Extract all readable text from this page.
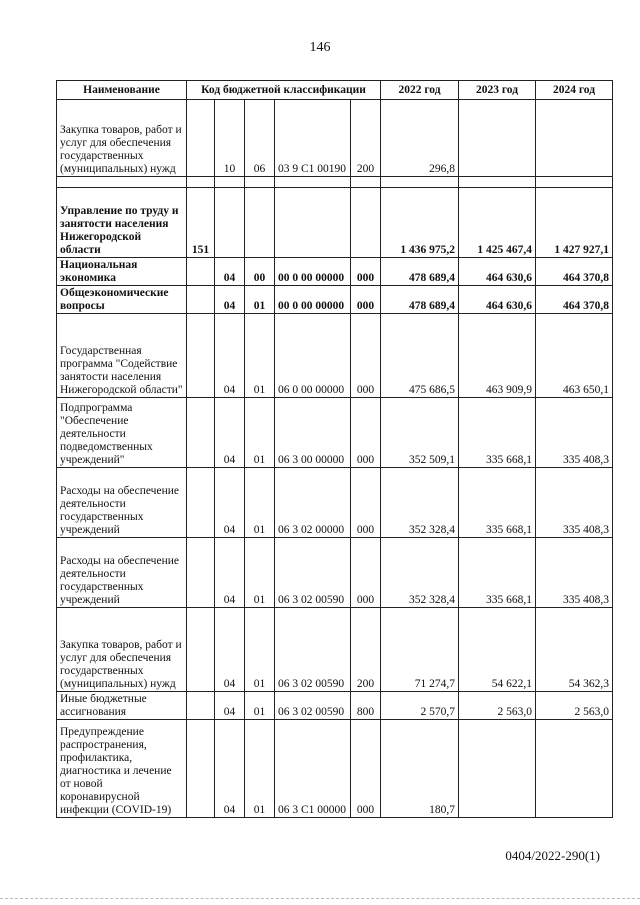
146
Наименование	Код бюджетной классификации					2022 год	2023 год	2024 год
Закупка товаров, работ и услуг для обеспечения государственных (муниципальных) нужд		10	06	03 9 C1 00190	200	296,8		

Управление по труду и занятости населения Нижегородской области	151					1 436 975,2	1 425 467,4	1 427 927,1
Национальная экономика		04	00	00 0 00 00000	000	478 689,4	464 630,6	464 370,8
Общеэкономические вопросы		04	01	00 0 00 00000	000	478 689,4	464 630,6	464 370,8
Государственная программа "Содействие занятости населения Нижегородской области"		04	01	06 0 00 00000	000	475 686,5	463 909,9	463 650,1
Подпрограмма "Обеспечение деятельности подведомственных учреждений"		04	01	06 3 00 00000	000	352 509,1	335 668,1	335 408,3
Расходы на обеспечение деятельности государственных учреждений		04	01	06 3 02 00000	000	352 328,4	335 668,1	335 408,3
Расходы на обеспечение деятельности государственных учреждений		04	01	06 3 02 00590	000	352 328,4	335 668,1	335 408,3
Закупка товаров, работ и услуг для обеспечения государственных (муниципальных) нужд		04	01	06 3 02 00590	200	71 274,7	54 622,1	54 362,3
Иные бюджетные ассигнования		04	01	06 3 02 00590	800	2 570,7	2 563,0	2 563,0
Предупреждение распространения, профилактика, диагностика и лечение от новой коронавирусной инфекции (COVID-19)		04	01	06 3 C1 00000	000	180,7		
0404/2022-290(1)
